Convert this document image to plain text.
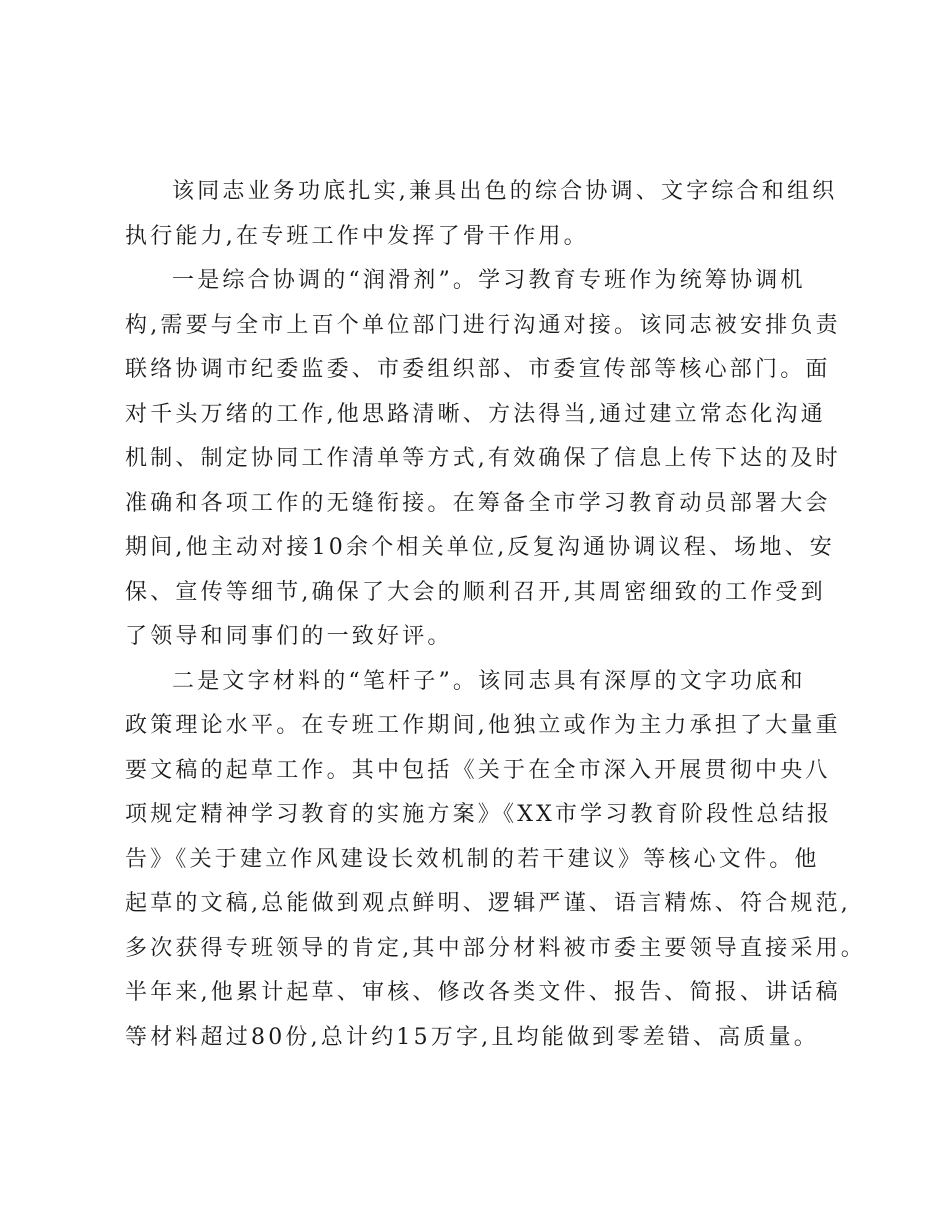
该同志业务功底扎实,兼具出色的综合协调、文字综合和组织
执行能力,在专班工作中发挥了骨干作用。
一是综合协调的“润滑剂”。学习教育专班作为统筹协调机
构,需要与全市上百个单位部门进行沟通对接。该同志被安排负责
联络协调市纪委监委、市委组织部、市委宣传部等核心部门。面
对千头万绪的工作,他思路清晰、方法得当,通过建立常态化沟通
机制、制定协同工作清单等方式,有效确保了信息上传下达的及时
准确和各项工作的无缝衔接。在筹备全市学习教育动员部署大会
期间,他主动对接10余个相关单位,反复沟通协调议程、场地、安
保、宣传等细节,确保了大会的顺利召开,其周密细致的工作受到
了领导和同事们的一致好评。
二是文字材料的“笔杆子”。该同志具有深厚的文字功底和
政策理论水平。在专班工作期间,他独立或作为主力承担了大量重
要文稿的起草工作。其中包括《关于在全市深入开展贯彻中央八
项规定精神学习教育的实施方案》《XX市学习教育阶段性总结报
告》《关于建立作风建设长效机制的若干建议》等核心文件。他
起草的文稿,总能做到观点鲜明、逻辑严谨、语言精炼、符合规范,
多次获得专班领导的肯定,其中部分材料被市委主要领导直接采用。
半年来,他累计起草、审核、修改各类文件、报告、简报、讲话稿
等材料超过80份,总计约15万字,且均能做到零差错、高质量。
